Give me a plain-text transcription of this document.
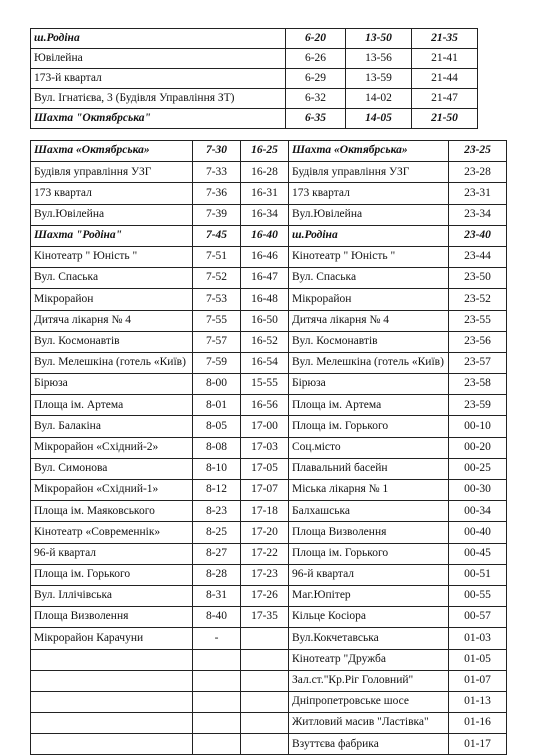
ш.Родіна	6-20	13-50	21-35
Ювілейна	6-26	13-56	21-41
173-й квартал	6-29	13-59	21-44
Вул. Ігнатієва, 3 (Будівля Управління ЗТ)	6-32	14-02	21-47
Шахта "Октябрська"	6-35	14-05	21-50
Шахта «Октябрська»	7-30	16-25	Шахта «Октябрська»	23-25
Будівля управління УЗГ	7-33	16-28	Будівля управління УЗГ	23-28
173 квартал	7-36	16-31	173 квартал	23-31
Вул.Ювілейна	7-39	16-34	Вул.Ювілейна	23-34
Шахта "Родіна"	7-45	16-40	ш.Родіна	23-40
Кінотеатр " Юність "	7-51	16-46	Кінотеатр " Юність "	23-44
Вул. Спаська	7-52	16-47	Вул. Спаська	23-50
Мікрорайон	7-53	16-48	Мікрорайон	23-52
Дитяча лікарня № 4	7-55	16-50	Дитяча лікарня № 4	23-55
Вул. Космонавтів	7-57	16-52	Вул. Космонавтів	23-56
Вул. Мелешкіна (готель «Київ)	7-59	16-54	Вул. Мелешкіна (готель «Київ)	23-57
Бірюза	8-00	15-55	Бірюза	23-58
Площа ім. Артема	8-01	16-56	Площа ім. Артема	23-59
Вул. Балакіна	8-05	17-00	Площа ім. Горького	00-10
Мікрорайон «Східний-2»	8-08	17-03	Соц.місто	00-20
Вул. Симонова	8-10	17-05	Плавальний басейн	00-25
Мікрорайон «Східний-1»	8-12	17-07	Міська лікарня № 1	00-30
Площа ім. Маяковського	8-23	17-18	Балхашська	00-34
Кінотеатр «Современнік»	8-25	17-20	Площа Визволення	00-40
96-й квартал	8-27	17-22	Площа ім. Горького	00-45
Площа ім. Горького	8-28	17-23	96-й квартал	00-51
Вул. Іллічівська	8-31	17-26	Маг.Юпітер	00-55
Площа Визволення	8-40	17-35	Кільце Косіора	00-57
Мікрорайон Карачуни	-		Вул.Кокчетавська	01-03
			Кінотеатр "Дружба	01-05
			Зал.ст."Кр.Ріг Головний"	01-07
			Дніпропетровське шосе	01-13
			Житловий масив "Ластівка"	01-16
			Взуттєва фабрика	01-17
